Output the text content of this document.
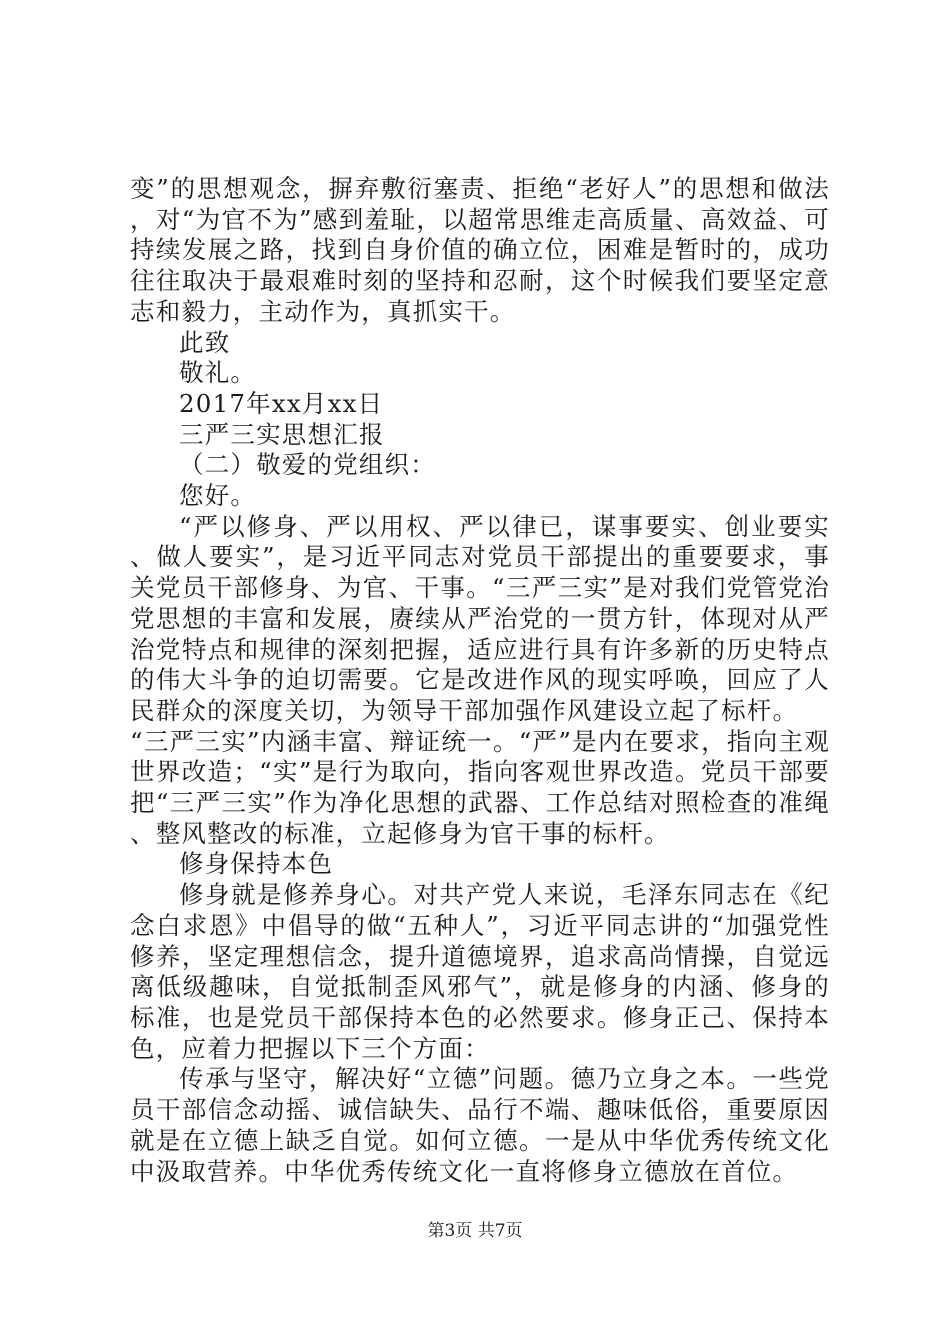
变”的思想观念，摒弃敷衍塞责、拒绝“老好人”的思想和做法，对“为官不为”感到羞耻，以超常思维走高质量、高效益、可持续发展之路，找到自身价值的确立位，困难是暂时的，成功往往取决于最艰难时刻的坚持和忍耐，这个时候我们要坚定意志和毅力，主动作为，真抓实干。

此致

敬礼。

2017年xx月xx日

三严三实思想汇报

（二）敬爱的党组织：

您好。

“严以修身、严以用权、严以律已，谋事要实、创业要实、做人要实”，是习近平同志对党员干部提出的重要要求，事关党员干部修身、为官、干事。“三严三实”是对我们党管党治党思想的丰富和发展，赓续从严治党的一贯方针，体现对从严治党特点和规律的深刻把握，适应进行具有许多新的历史特点的伟大斗争的迫切需要。它是改进作风的现实呼唤，回应了人民群众的深度关切，为领导干部加强作风建设立起了标杆。

“三严三实”内涵丰富、辩证统一。“严”是内在要求，指向主观世界改造；“实”是行为取向，指向客观世界改造。党员干部要把“三严三实”作为净化思想的武器、工作总结对照检查的准绳、整风整改的标准，立起修身为官干事的标杆。

修身保持本色

修身就是修养身心。对共产党人来说，毛泽东同志在《纪念白求恩》中倡导的做“五种人”，习近平同志讲的“加强党性修养，坚定理想信念，提升道德境界，追求高尚情操，自觉远离低级趣味，自觉抵制歪风邪气”，就是修身的内涵、修身的标准，也是党员干部保持本色的必然要求。修身正己、保持本色，应着力把握以下三个方面：

传承与坚守，解决好“立德”问题。德乃立身之本。一些党员干部信念动摇、诚信缺失、品行不端、趣味低俗，重要原因就是在立德上缺乏自觉。如何立德。一是从中华优秀传统文化中汲取营养。中华优秀传统文化一直将修身立德放在首位。

第3页 共7页
